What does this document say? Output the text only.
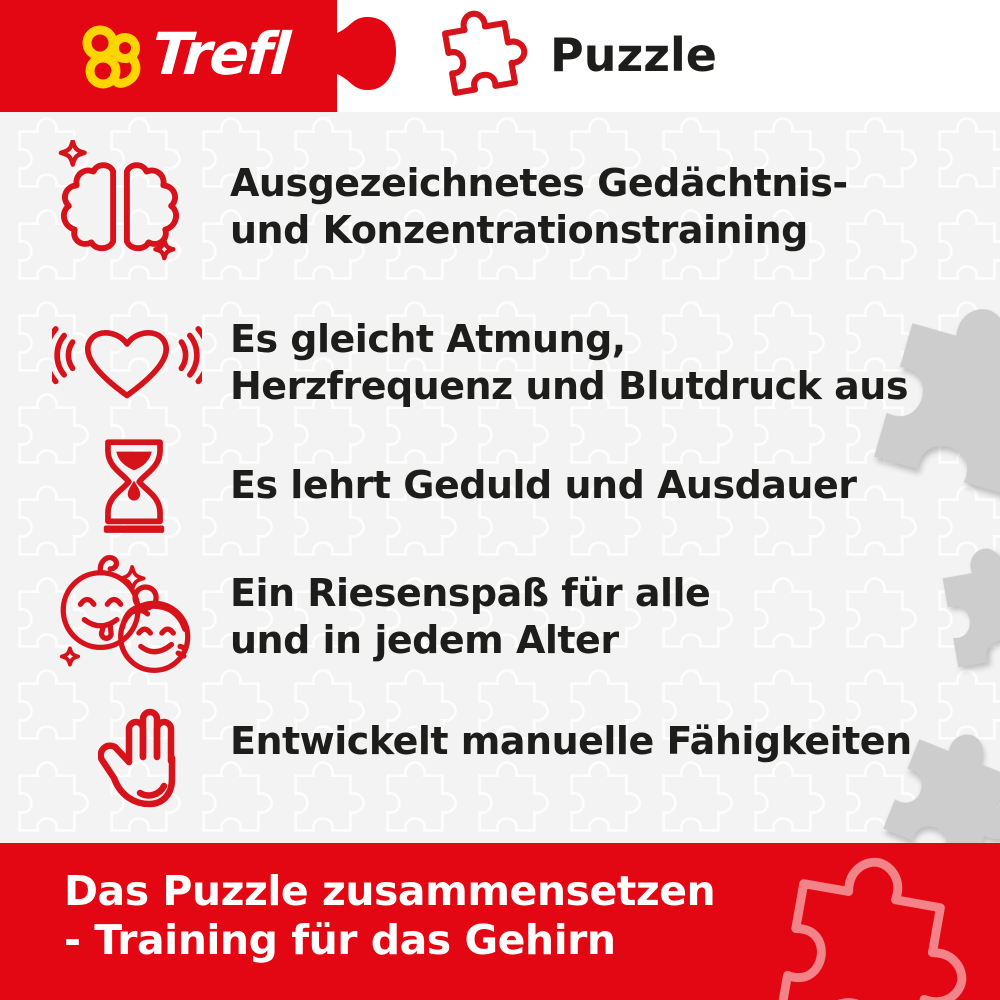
Trefl	Puzzle
Ausgezeichnetes Gedächtnis-
und Konzentrationstraining
Es gleicht Atmung,
Herzfrequenz und Blutdruck aus
Es lehrt Geduld und Ausdauer
Ein Riesenspaß für alle
und in jedem Alter
Entwickelt manuelle Fähigkeiten
Das Puzzle zusammensetzen
- Training für das Gehirn
